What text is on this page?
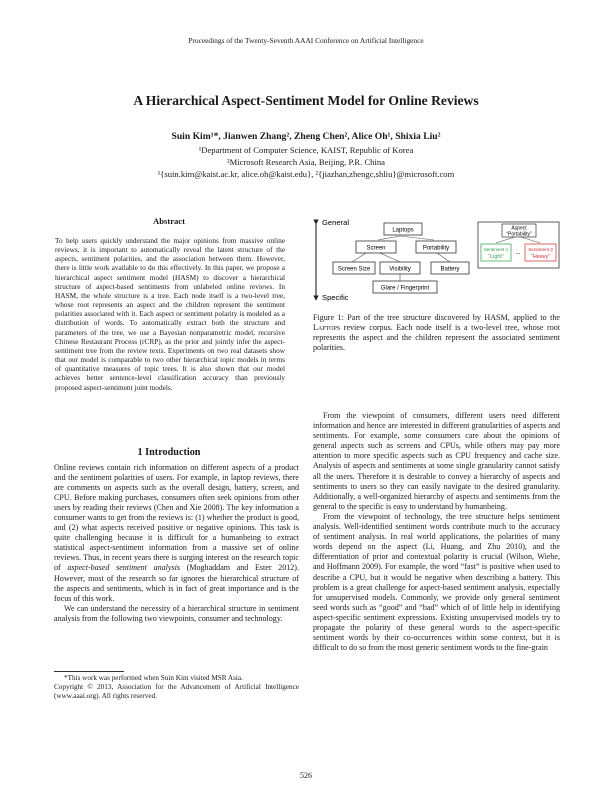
Proceedings of the Twenty-Seventh AAAI Conference on Artificial Intelligence
A Hierarchical Aspect-Sentiment Model for Online Reviews
Suin Kim¹*, Jianwen Zhang², Zheng Chen², Alice Oh¹, Shixia Liu²
¹Department of Computer Science, KAIST, Republic of Korea
²Microsoft Research Asia, Beijing, P.R. China
¹{suin.kim@kaist.ac.kr, alice.oh@kaist.edu}, ²{jiazhan,zhengc,shliu}@microsoft.com
Abstract
To help users quickly understand the major opinions from massive online reviews, it is important to automatically reveal the latent structure of the aspects, sentiment polarities, and the association between them. However, there is little work available to do this effectively. In this paper, we propose a hierarchical aspect sentiment model (HASM) to discover a hierarchical structure of aspect-based sentiments from unlabeled online reviews. In HASM, the whole structure is a tree. Each node itself is a two-level tree, whose root represents an aspect and the children represent the sentiment polarities associated with it. Each aspect or sentiment polarity is modeled as a distribution of words. To automatically extract both the structure and parameters of the tree, we use a Bayesian nonparametric model, recursive Chinese Restaurant Process (rCRP), as the prior and jointly infer the aspect-sentiment tree from the review texts. Experiments on two real datasets show that our model is comparable to two other hierarchical topic models in terms of quantitative measures of topic trees. It is also shown that our model achieves better sentence-level classification accuracy than previously proposed aspect-sentiment joint models.
1 Introduction

Online reviews contain rich information on different aspects of a product and the sentiment polarities of users. For example, in laptop reviews, there are comments on aspects such as the overall design, battery, screen, and CPU. Before making purchases, consumers often seek opinions from other users by reading their reviews (Chen and Xie 2008). The key information a consumer wants to get from the reviews is: (1) whether the product is good, and (2) what aspects received positive or negative opinions. This task is quite challenging because it is difficult for a humanbeing to extract statistical aspect-sentiment information from a massive set of online reviews. Thus, in recent years there is surging interest on the research topic of aspect-based sentiment analysis (Moghaddam and Ester 2012). However, most of the research so far ignores the hierarchical structure of the aspects and sentiments, which is in fact of great importance and is the focus of this work.

We can understand the necessity of a hierarchical structure in sentiment analysis from the following two viewpoints, consumer and technology.

*This work was performed when Suin Kim visited MSR Asia.

Copyright © 2013, Association for the Advancement of Artificial Intelligence (www.aaai.org). All rights reserved.

General
Specific
Laptops
Screen	Portability
Screen Size	Visibility	Battery
Glare / Fingerprint
Aspect
“Portability”
Sentiment 1
“Light”
...
Sentiment 3
“Heavy”
Figure 1: Part of the tree structure discovered by HASM, applied to the Laptops review corpus. Each node itself is a two-level tree, whose root represents the aspect and the children represent the associated sentiment polarities.

From the viewpoint of consumers, different users need different information and hence are interested in different granularities of aspects and sentiments. For example, some consumers care about the opinions of general aspects such as screens and CPUs, while others may pay more attention to more specific aspects such as CPU frequency and cache size. Analysis of aspects and sentiments at some single granularity cannot satisfy all the users. Therefore it is desirable to convey a hierarchy of aspects and sentiments to users so they can easily navigate to the desired granularity. Additionally, a well-organized hierarchy of aspects and sentiments from the general to the specific is easy to understand by humanbeing.

From the viewpoint of technology, the tree structure helps sentiment analysis. Well-identified sentiment words contribute much to the accuracy of sentiment analysis. In real world applications, the polarities of many words depend on the aspect (Li, Huang, and Zhu 2010), and the differentiation of prior and contextual polarity is crucial (Wilson, Wiebe, and Hoffmann 2009). For example, the word “fast” is positive when used to describe a CPU, but it would be negative when describing a battery. This problem is a great challenge for aspect-based sentiment analysis, especially for unsupervised models. Commonly, we provide only general sentiment seed words such as “good” and “bad” which of of little help in identifying aspect-specific sentiment expressions. Existing unsupervised models try to propagate the polarity of these general words to the aspect-specific sentiment words by their co-occurrences within some context, but it is difficult to do so from the most generic sentiment words to the fine-grain

526
